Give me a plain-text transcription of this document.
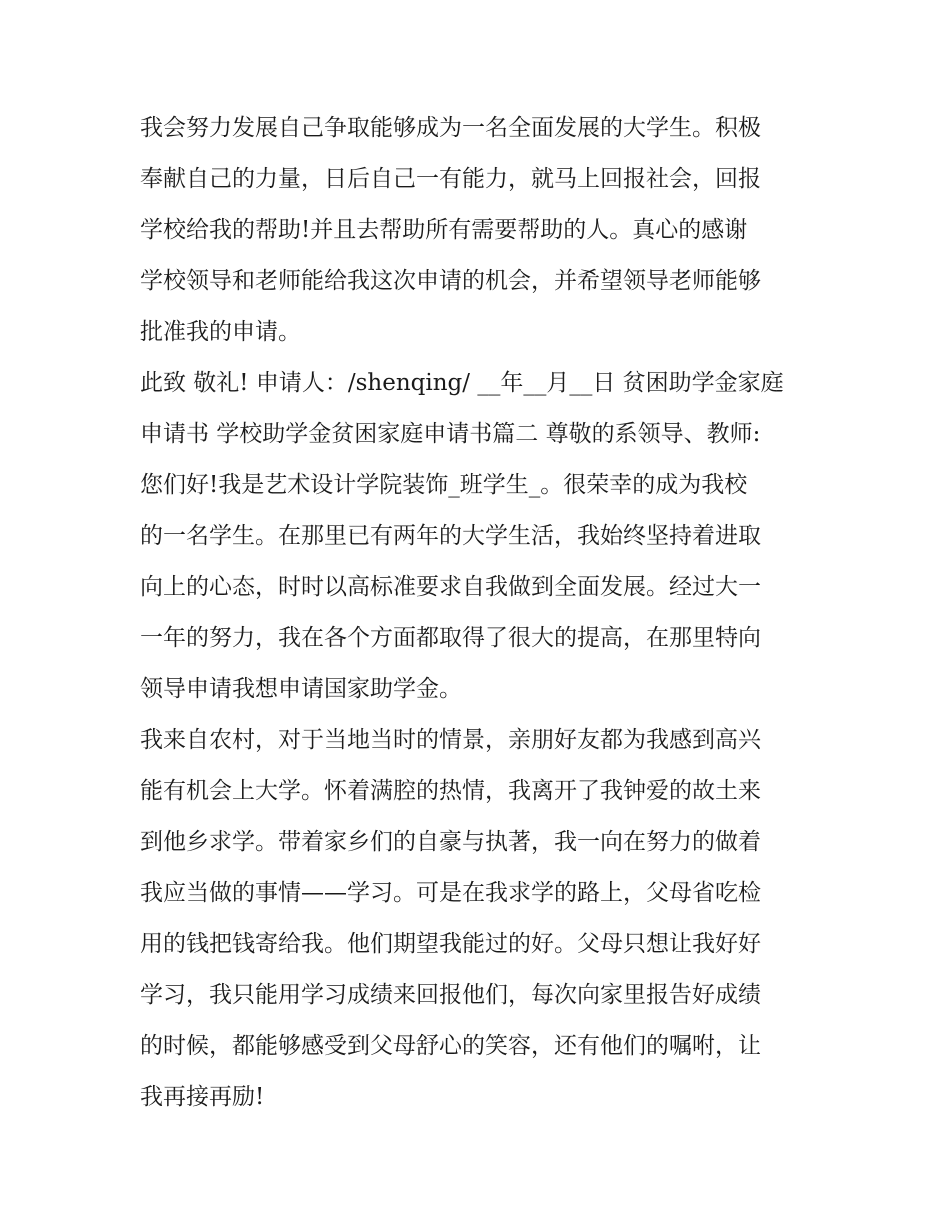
我会努力发展自己争取能够成为一名全面发展的大学生。积极
奉献自己的力量，日后自己一有能力，就马上回报社会，回报
学校给我的帮助!并且去帮助所有需要帮助的人。真心的感谢
学校领导和老师能给我这次申请的机会，并希望领导老师能够
批准我的申请。
此致 敬礼! 申请人：/shenqing/ __年__月__日 贫困助学金家庭
申请书 学校助学金贫困家庭申请书篇二 尊敬的系领导、教师:
您们好!我是艺术设计学院装饰_班学生_。很荣幸的成为我校
的一名学生。在那里已有两年的大学生活，我始终坚持着进取
向上的心态，时时以高标准要求自我做到全面发展。经过大一
一年的努力，我在各个方面都取得了很大的提高，在那里特向
领导申请我想申请国家助学金。
我来自农村，对于当地当时的情景，亲朋好友都为我感到高兴
能有机会上大学。怀着满腔的热情，我离开了我钟爱的故土来
到他乡求学。带着家乡们的自豪与执著，我一向在努力的做着
我应当做的事情——学习。可是在我求学的路上，父母省吃检
用的钱把钱寄给我。他们期望我能过的好。父母只想让我好好
学习，我只能用学习成绩来回报他们，每次向家里报告好成绩
的时候，都能够感受到父母舒心的笑容，还有他们的嘱咐，让
我再接再励!
